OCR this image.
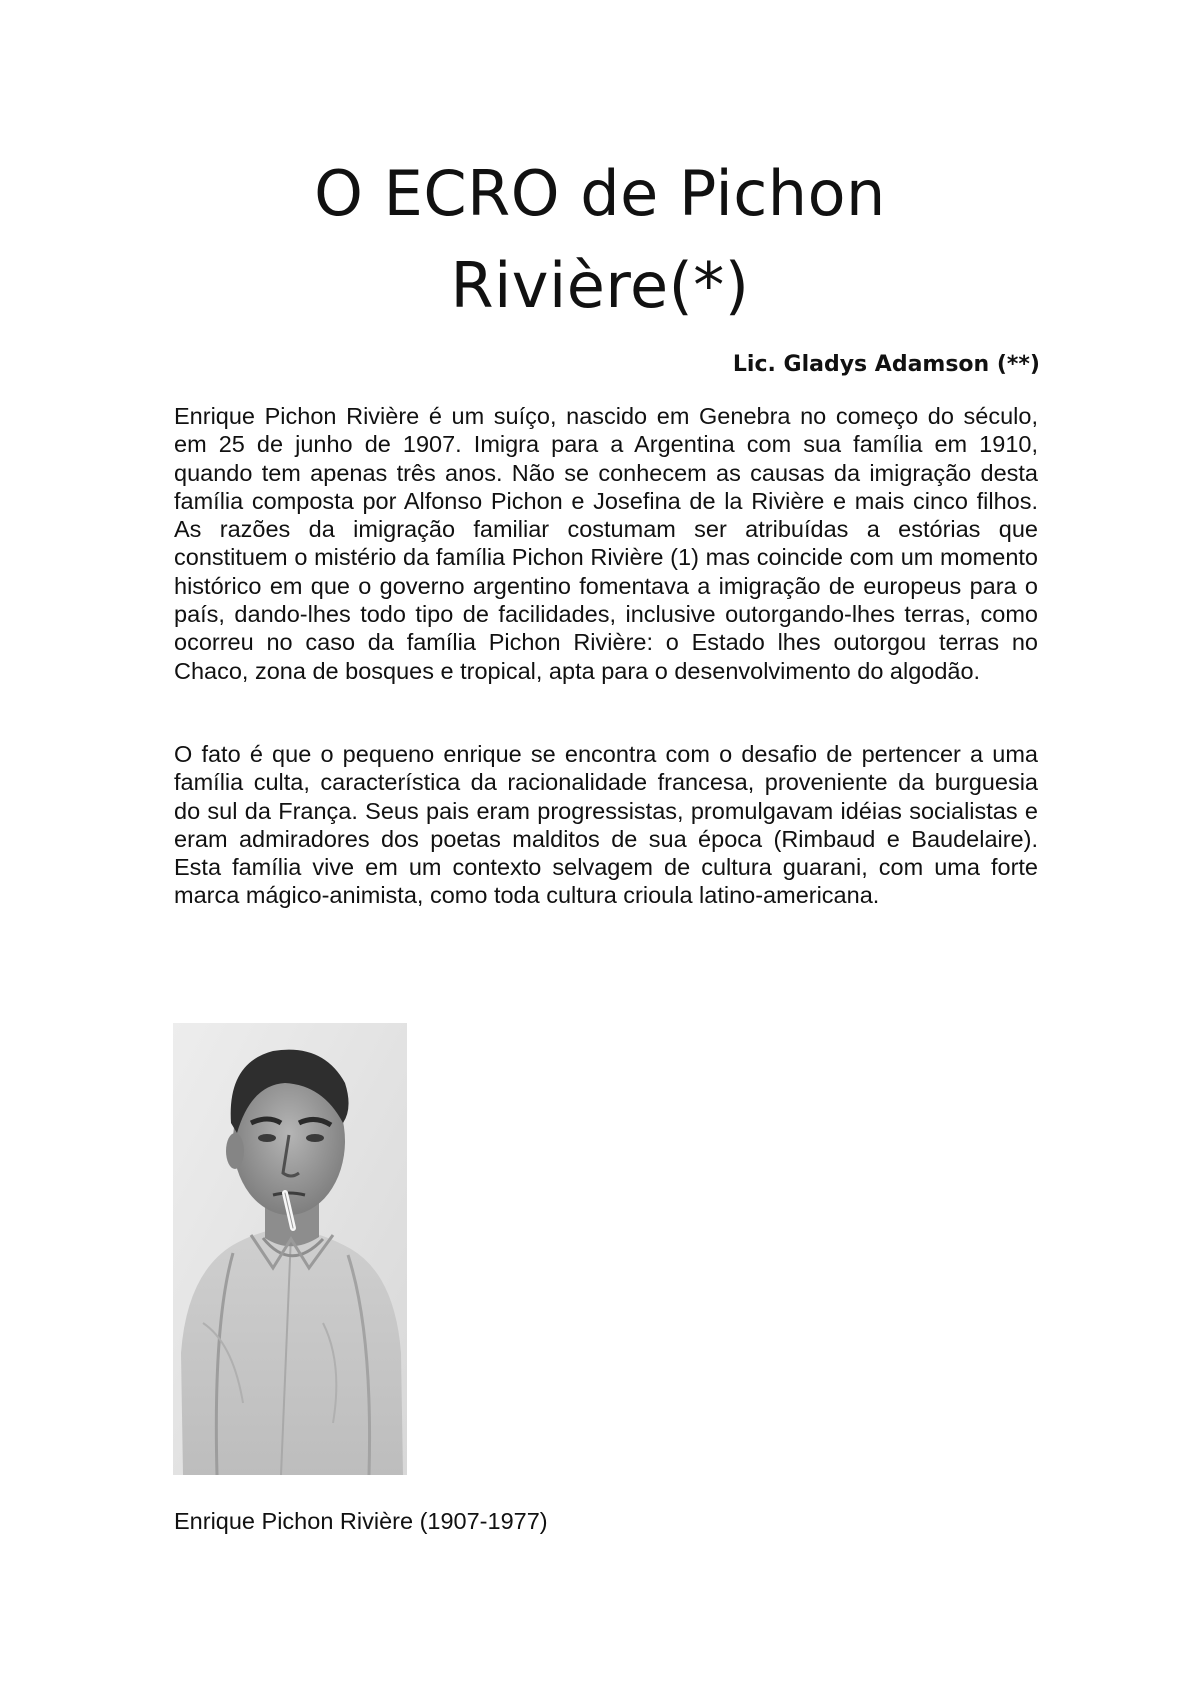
O ECRO de Pichon
Rivière(*)

Lic. Gladys Adamson (**)

Enrique Pichon Rivière é um suíço, nascido em Genebra no começo do século, em 25 de junho de 1907. Imigra para a Argentina com sua família em 1910, quando tem apenas três anos. Não se conhecem as causas da imigração desta família composta por Alfonso Pichon e Josefina de la Rivière e mais cinco filhos. As razões da imigração familiar costumam ser atribuídas a estórias que constituem o mistério da família Pichon Rivière (1) mas coincide com um momento histórico em que o governo argentino fomentava a imigração de europeus para o país, dando-lhes todo tipo de facilidades, inclusive outorgando-lhes terras, como ocorreu no caso da família Pichon Rivière: o Estado lhes outorgou terras no Chaco, zona de bosques e tropical, apta para o desenvolvimento do algodão.

O fato é que o pequeno enrique se encontra com o desafio de pertencer a uma família culta, característica da racionalidade francesa, proveniente da burguesia do sul da França. Seus pais eram progressistas, promulgavam idéias socialistas e eram admiradores dos poetas malditos de sua época (Rimbaud e Baudelaire). Esta família vive em um contexto selvagem de cultura guarani, com uma forte marca mágico-animista, como toda cultura crioula latino-americana.

Enrique Pichon Rivière (1907-1977)
